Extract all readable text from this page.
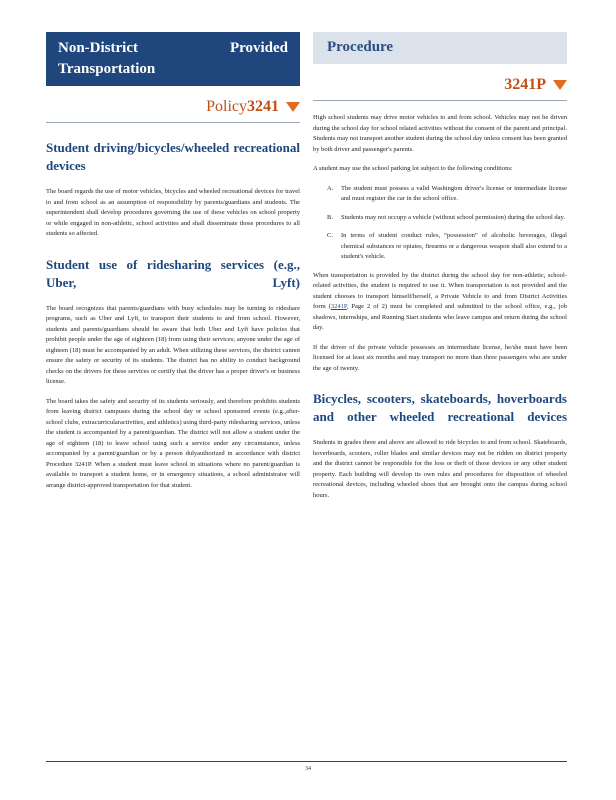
Non-District	Provided
Transportation
Policy3241
Student driving/bicycles/wheeled recreational devices

The board regards the use of motor vehicles, bicycles and wheeled recreational devices for travel to and from school as an assumption of responsibility by parents/guardians and students. The superintendent shall develop procedures governing the use of these vehicles on school property or while engaged in non-athletic, school activities and shall disseminate those procedures to all students so affected.

Student use of ridesharing services (e.g., Uber, Lyft)

The board recognizes that parents/guardians with busy schedules may be turning to rideshare programs, such as Uber and Lyft, to transport their students to and from school. However, students and parents/guardians should be aware that both Uber and Lyft have policies that prohibit people under the age of eighteen (18) from using their services; anyone under the age of eighteen (18) must be accompanied by an adult. When utilizing these services, the district cannot ensure the safety or security of its students. The district has no ability to conduct background checks on the drivers for these services or certify that the driver has a proper driver's or business license.

The board takes the safety and security of its students seriously, and therefore prohibits students from leaving district campuses during the school day or school sponsored events (e.g.,after-school clubs, extracurricularactivities, and athletics) using third-party ridesharing services, unless the student is accompanied by a parent/guardian. The district will not allow a student under the age of eighteen (18) to leave school using such a service under any circumstance, unless accompanied by a parent/guardian or by a person dulyauthorized in accordance with district Procedure 3241P. When a student must leave school in situations where no parent/guardian is available to transport a student home, or in emergency situations, a school administrator will arrange district-approved transportation for that student.

Procedure
3241P

High school students may drive motor vehicles to and from school. Vehicles may not be driven during the school day for school related activities without the consent of the parent and principal. Students may not transport another student during the school day unless consent has been granted by both driver and passenger's parents.

A student may use the school parking lot subject to the following conditions:

A.	The student must possess a valid Washington driver's license or intermediate license and must register the car in the school office.
B.	Students may not occupy a vehicle (without school permission) during the school day.
C.	In terms of student conduct rules, “possession” of alcoholic beverages, illegal chemical substances or opiates, firearms or a dangerous weapon shall also extend to a student's vehicle.

When transportation is provided by the district during the school day for non-athletic, school-related activities, the student is required to use it. When transportation is not provided and the student chooses to transport himself/herself, a Private Vehicle to and from District Activities form (3241P, Page 2 of 2) must be completed and submitted to the school office, e.g., job shadows, internships, and Running Start students who leave campus and return during the school day.

If the driver of the private vehicle possesses an intermediate license, he/she must have been licensed for at least six months and may transport no more than three passengers who are under the age of twenty.

Bicycles, scooters, skateboards, hoverboards and other wheeled recreational devices

Students in grades three and above are allowed to ride bicycles to and from school. Skateboards, hoverboards, scooters, roller blades and similar devices may not be ridden on district property and the district cannot be responsible for the loss or theft of those devices or any other student property. Each building will develop its own rules and procedures for disposition of wheeled recreational devices, including wheeled shoes that are brought onto the campus during school hours.

34
